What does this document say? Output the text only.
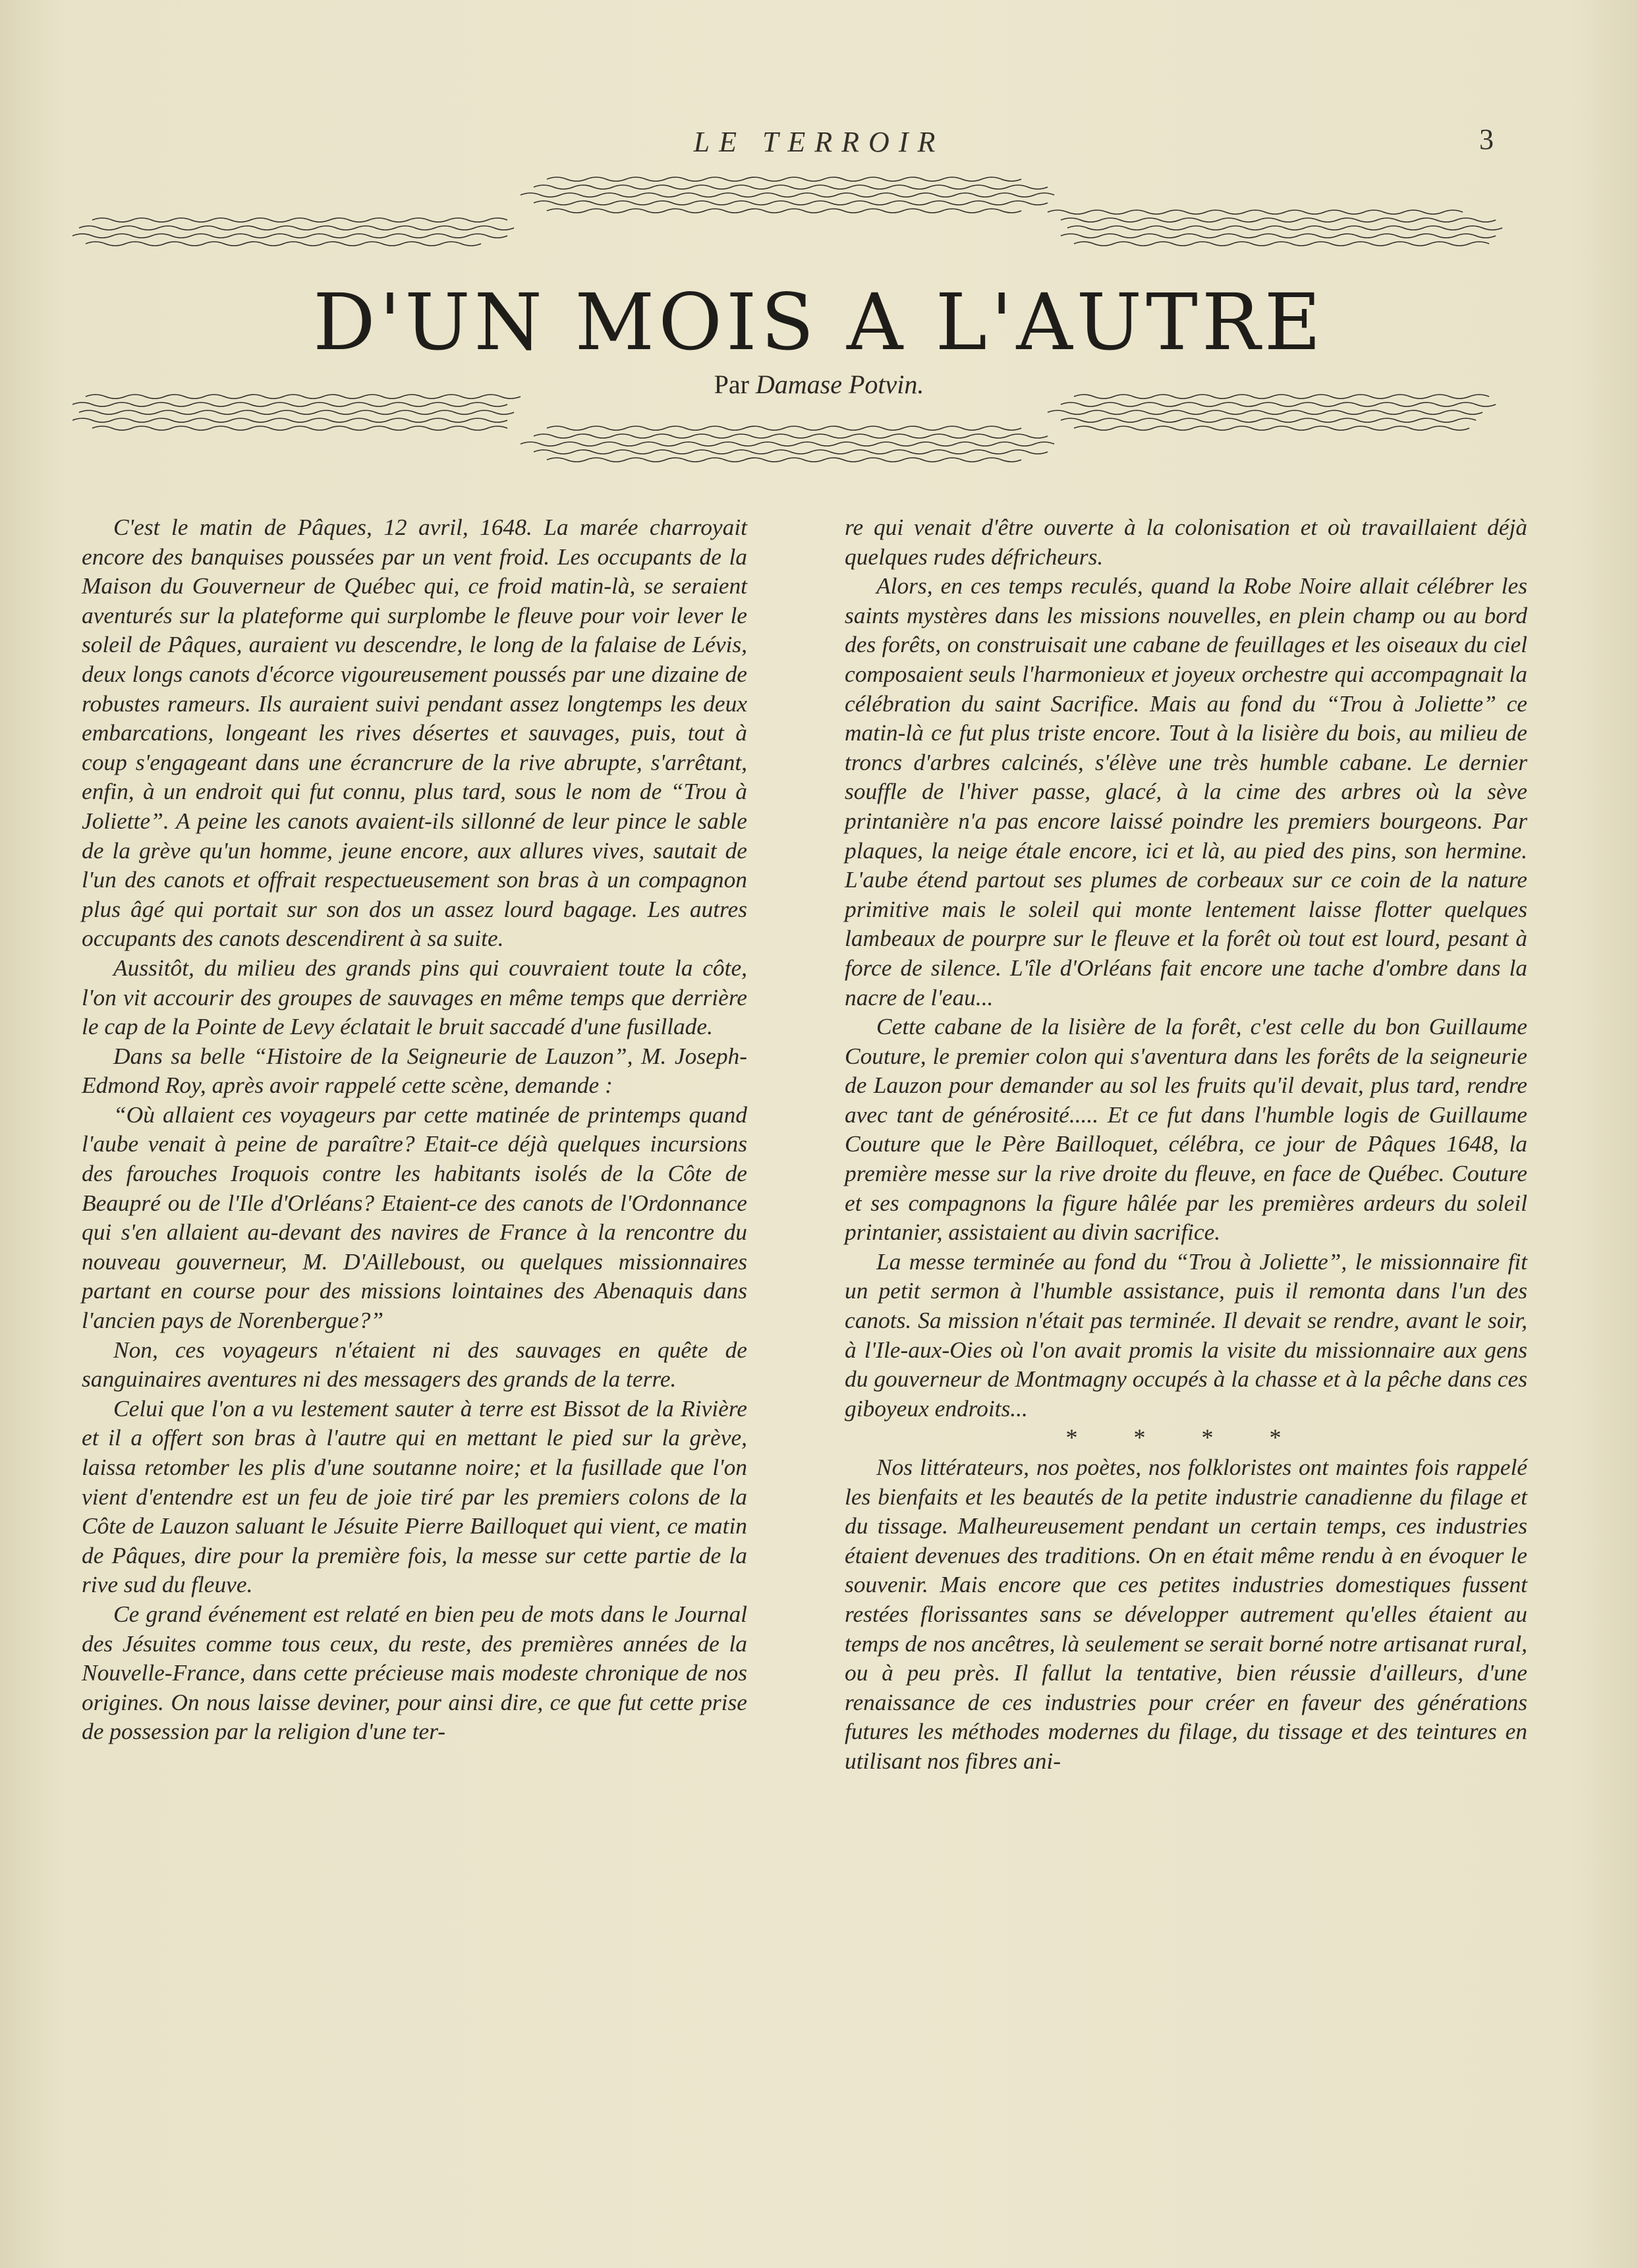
LE TERROIR	3
D'UN MOIS A L'AUTRE
Par Damase Potvin.

C'est le matin de Pâques, 12 avril, 1648. La marée charroyait encore des banquises poussées par un vent froid. Les occupants de la Maison du Gouverneur de Québec qui, ce froid matin-là, se seraient aventurés sur la plateforme qui surplombe le fleuve pour voir lever le soleil de Pâques, auraient vu descendre, le long de la falaise de Lévis, deux longs canots d'écorce vigoureusement poussés par une dizaine de robustes rameurs. Ils auraient suivi pendant assez longtemps les deux embarcations, longeant les rives désertes et sauvages, puis, tout à coup s'engageant dans une écrancrure de la rive abrupte, s'arrêtant, enfin, à un endroit qui fut connu, plus tard, sous le nom de “Trou à Joliette”. A peine les canots avaient-ils sillonné de leur pince le sable de la grève qu'un homme, jeune encore, aux allures vives, sautait de l'un des canots et offrait respectueusement son bras à un compagnon plus âgé qui portait sur son dos un assez lourd bagage. Les autres occupants des canots descendirent à sa suite.

Aussitôt, du milieu des grands pins qui couvraient toute la côte, l'on vit accourir des groupes de sauvages en même temps que derrière le cap de la Pointe de Levy éclatait le bruit saccadé d'une fusillade.

Dans sa belle “Histoire de la Seigneurie de Lauzon”, M. Joseph-Edmond Roy, après avoir rappelé cette scène, demande :

“Où allaient ces voyageurs par cette matinée de printemps quand l'aube venait à peine de paraître? Etait-ce déjà quelques incursions des farouches Iroquois contre les habitants isolés de la Côte de Beaupré ou de l'Ile d'Orléans? Etaient-ce des canots de l'Ordonnance qui s'en allaient au-devant des navires de France à la rencontre du nouveau gouverneur, M. D'Ailleboust, ou quelques missionnaires partant en course pour des missions lointaines des Abenaquis dans l'ancien pays de Norenbergue?”

Non, ces voyageurs n'étaient ni des sauvages en quête de sanguinaires aventures ni des messagers des grands de la terre.

Celui que l'on a vu lestement sauter à terre est Bissot de la Rivière et il a offert son bras à l'autre qui en mettant le pied sur la grève, laissa retomber les plis d'une soutanne noire; et la fusillade que l'on vient d'entendre est un feu de joie tiré par les premiers colons de la Côte de Lauzon saluant le Jésuite Pierre Bailloquet qui vient, ce matin de Pâques, dire pour la première fois, la messe sur cette partie de la rive sud du fleuve.

Ce grand événement est relaté en bien peu de mots dans le Journal des Jésuites comme tous ceux, du reste, des premières années de la Nouvelle-France, dans cette précieuse mais modeste chronique de nos origines. On nous laisse deviner, pour ainsi dire, ce que fut cette prise de possession par la religion d'une ter-

re qui venait d'être ouverte à la colonisation et où travaillaient déjà quelques rudes défricheurs.

Alors, en ces temps reculés, quand la Robe Noire allait célébrer les saints mystères dans les missions nouvelles, en plein champ ou au bord des forêts, on construisait une cabane de feuillages et les oiseaux du ciel composaient seuls l'harmonieux et joyeux orchestre qui accompagnait la célébration du saint Sacrifice. Mais au fond du “Trou à Joliette” ce matin-là ce fut plus triste encore. Tout à la lisière du bois, au milieu de troncs d'arbres calcinés, s'élève une très humble cabane. Le dernier souffle de l'hiver passe, glacé, à la cime des arbres où la sève printanière n'a pas encore laissé poindre les premiers bourgeons. Par plaques, la neige étale encore, ici et là, au pied des pins, son hermine. L'aube étend partout ses plumes de corbeaux sur ce coin de la nature primitive mais le soleil qui monte lentement laisse flotter quelques lambeaux de pourpre sur le fleuve et la forêt où tout est lourd, pesant à force de silence. L'île d'Orléans fait encore une tache d'ombre dans la nacre de l'eau...

Cette cabane de la lisière de la forêt, c'est celle du bon Guillaume Couture, le premier colon qui s'aventura dans les forêts de la seigneurie de Lauzon pour demander au sol les fruits qu'il devait, plus tard, rendre avec tant de générosité..... Et ce fut dans l'humble logis de Guillaume Couture que le Père Bailloquet, célébra, ce jour de Pâques 1648, la première messe sur la rive droite du fleuve, en face de Québec. Couture et ses compagnons la figure hâlée par les premières ardeurs du soleil printanier, assistaient au divin sacrifice.

La messe terminée au fond du “Trou à Joliette”, le missionnaire fit un petit sermon à l'humble assistance, puis il remonta dans l'un des canots. Sa mission n'était pas terminée. Il devait se rendre, avant le soir, à l'Ile-aux-Oies où l'on avait promis la visite du missionnaire aux gens du gouverneur de Montmagny occupés à la chasse et à la pêche dans ces giboyeux endroits...

* * * *

Nos littérateurs, nos poètes, nos folkloristes ont maintes fois rappelé les bienfaits et les beautés de la petite industrie canadienne du filage et du tissage. Malheureusement pendant un certain temps, ces industries étaient devenues des traditions. On en était même rendu à en évoquer le souvenir. Mais encore que ces petites industries domestiques fussent restées florissantes sans se développer autrement qu'elles étaient au temps de nos ancêtres, là seulement se serait borné notre artisanat rural, ou à peu près. Il fallut la tentative, bien réussie d'ailleurs, d'une renaissance de ces industries pour créer en faveur des générations futures les méthodes modernes du filage, du tissage et des teintures en utilisant nos fibres ani-
